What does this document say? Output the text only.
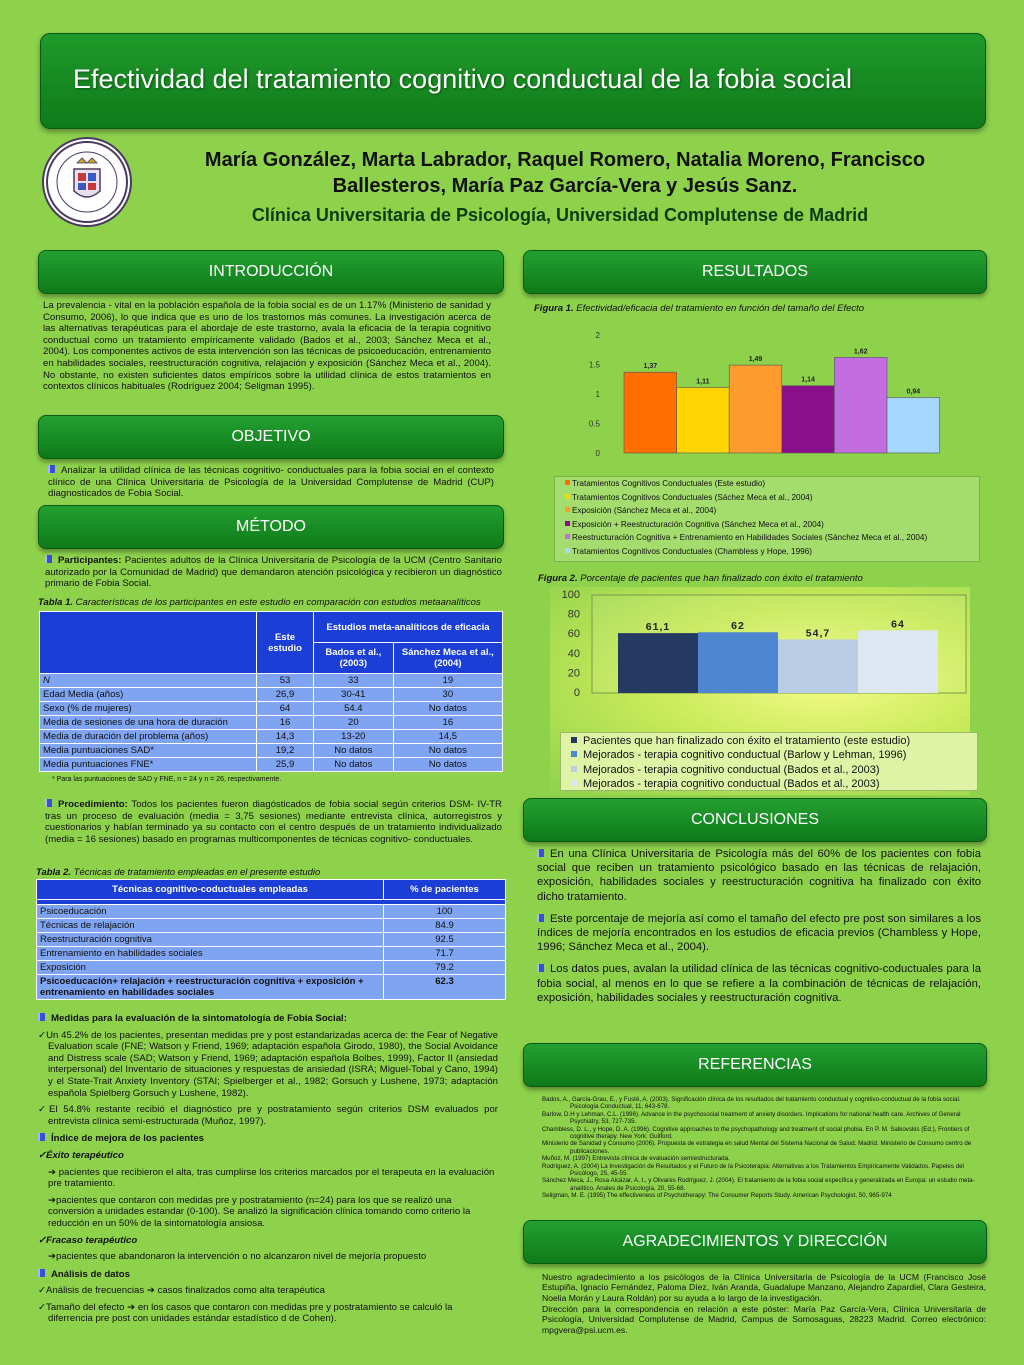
Efectividad del tratamiento cognitivo conductual de la fobia social
María González, Marta Labrador, Raquel Romero, Natalia Moreno, Francisco Ballesteros, María Paz García-Vera y Jesús Sanz.
Clínica Universitaria de Psicología, Universidad Complutense de Madrid
INTRODUCCIÓN
La prevalencia - vital en la población española de la fobia social es de un 1.17% (Ministerio de sanidad y Consumo, 2006), lo que indica que es uno de los trastornos más comunes. La investigación acerca de las alternativas terapéuticas para el abordaje de este trastorno, avala la eficacia de la terapia cognitivo conductual como un tratamiento empíricamente validado (Bados et al., 2003; Sánchez Meca et al., 2004). Los componentes activos de esta intervención son las técnicas de psicoeducación, entrenamiento en habilidades sociales, reestructuración cognitiva, relajación y exposición (Sánchez Meca et al., 2004). No obstante, no existen suficientes datos empíricos sobre la utilidad clínica de estos tratamientos en contextos clínicos habituales (Rodríguez 2004; Seligman 1995).
OBJETIVO
Analizar la utilidad clínica de las técnicas cognitivo- conductuales para la fobia social en el contexto clínico de una Clínica Universitaria de Psicología de la Universidad Complutense de Madrid (CUP) diagnosticados de Fobia Social.
MÉTODO
Participantes: Pacientes adultos de la Clínica Universitaria de Psicología de la UCM (Centro Sanitario autorizado por la Comunidad de Madrid) que demandaron atención psicológica y recibieron un diagnóstico primario de Fobia Social.
Tabla 1. Características de los participantes en este estudio en comparación con estudios metaanalíticos
	Este estudio	Estudios meta-analíticos de eficacia	
		Bados et al., (2003)	Sánchez Meca et al., (2004)
N	53	33	19
Edad Media (años)	26,9	30-41	30
Sexo (% de mujeres)	64	54.4	No datos
Media de sesiones de una hora de duración	16	20	16
Media de duración del problema (años)	14,3	13-20	14,5
Media puntuaciones SAD*	19,2	No datos	No datos
Media puntuaciones FNE*	25,9	No datos	No datos
* Para las puntuaciones de SAD y FNE, n = 24 y n = 26, respectivamente.
Procedimiento: Todos los pacientes fueron diagósticados de fobia social según criterios DSM- IV-TR tras un proceso de evaluación (media = 3,75 sesiones) mediante entrevista clínica, autorregistros y cuestionarios y habían terminado ya su contacto con el centro después de un tratamiento individualizado (media = 16 sesiones) basado en programas multicomponentes de técnicas cognitivo- conductuales.
Tabla 2. Técnicas de tratamiento empleadas en el presente estudio
Técnicas cognitivo-coductuales empleadas	% de pacientes

Psicoeducación	100
Técnicas de relajación	84.9
Reestructuración cognitiva	92.5
Entrenamiento en habilidades sociales	71.7
Exposición	79.2
Psicoeducación+ relajación + reestructuración cognitiva + exposición + entrenamiento en habilidades sociales	62.3
Medidas para la evaluación de la sintomatología de Fobia Social:
✓Un 45.2% de los pacientes, presentan medidas pre y post estandarizadas acerca de: the Fear of Negative Evaluation scale (FNE; Watson y Friend, 1969; adaptación española Girodo, 1980), the Social Avoidance and Distress scale (SAD; Watson y Friend, 1969; adaptación española Bolbes, 1999), Factor II (ansiedad interpersonal) del Inventario de situaciones y respuestas de ansiedad (ISRA; Miguel-Tobal y Cano, 1994) y el State-Trait Anxiety Inventory (STAI; Spielberger et al., 1982; Gorsuch y Lushene, 1973; adaptación española Spielberg Gorsuch y Lushene, 1982).
✓El 54.8% restante recibió el diagnóstico pre y postratamiento según criterios DSM evaluados por entrevista clínica semi-estructurada (Muñoz, 1997).
Índice de mejora de los pacientes
✓Éxito terapéutico
➔ pacientes que recibieron el alta, tras cumplirse los criterios marcados por el terapeuta en la evaluación pre tratamiento.
➔pacientes que contaron con medidas pre y postratamiento (n=24) para los que se realizó una conversión a unidades estandar (0-100). Se analizó la significación clínica tomando como criterio la reducción en un 50% de la sintomatología ansiosa.
✓Fracaso terapéutico
➔pacientes que abandonaron la intervención o no alcanzaron nivel de mejoría propuesto
Análisis de datos
✓Análisis de frecuencias ➔ casos finalizados como alta terapéutica
✓Tamaño del efecto ➔ en los casos que contaron con medidas pre y postratamiento se calculó la diferrencia pre post con unidades estándar estadístico d de Cohen).
RESULTADOS
Figura 1. Efectividad/eficacia del tratamiento en función del tamaño del Efecto
0
0.5
1
1.5
2
1,37
1,11
1,49
1,14
1,62
0,94
Tratamientos Cognitivos Conductuales (Este estudio)
Tratamientos Cognitivos Conductuales (Sáchez Meca et al., 2004)
Exposición (Sánchez Meca et al., 2004)
Exposición + Reestructuración Cognitiva (Sánchez Meca et al., 2004)
Reestructuración Cognitiva + Entrenamiento en Habilidades Sociales (Sánchez Meca et al., 2004)
Tratamientos Cognitivos Conductuales (Chambless y Hope, 1996)
Figura 2. Porcentaje de pacientes que han finalizado con éxito el tratamiento
0
20
40
60
80
100
61,1	62
54,7
64
Pacientes que han finalizado con éxito el tratamiento (este estudio)
Mejorados - terapia cognitivo conductual (Barlow y Lehman, 1996)
Mejorados - terapia cognitivo conductual (Bados et al., 2003)
Mejorados - terapia cognitivo conductual (Bados et al., 2003)
CONCLUSIONES

En una Clínica Universitaria de Psicología más del 60% de los pacientes con fobia social que reciben un tratamiento psicológico basado en las técnicas de relajación, exposición, habilidades sociales y reestructuración cognitiva ha finalizado con éxito dicho tratamiento.

Este porcentaje de mejoría así como el tamaño del efecto pre post son similares a los índices de mejoría encontrados en los estudios de eficacia previos (Chambless y Hope, 1996; Sánchez Meca et al., 2004).

Los datos pues, avalan la utilidad clínica de las técnicas cognitivo-coductuales para la fobia social, al menos en lo que se refiere a la combinación de técnicas de relajación, exposición, habilidades sociales y reestructuración cognitiva.

REFERENCIAS
Bados, A., García-Grau, E., y Fusté, A. (2003). Significación clínica de los resultados del tratamiento conductual y cognitivo-conductual de la fobia social. Psicología Conductual, 11, 643-678.
Barlow, D.H y Lehman, C.L. (1996). Advance in the psychosocial treatment of anxiety disorders. Implications for national health care. Archives of General Psychiatry, 53, 727-735.
Chambless, D. L., y Hope, D. A. (1996). Cognitive approaches to the psychopathology and treatment of social phobia. En P. M. Salkovskis (Ed.), Frontiers of cognitive therapy. New York: Guilford.
Ministerio de Sanidad y Consumo (2006). Propuesta de estrategia en salud Mental del Sistema Nacional de Salud. Madrid. Ministerio de Consumo centro de publicaciones.
Muñoz, M. (1997) Entrevista clínica de evaluación semiestructurada.
Rodríguez, A. (2004) La Investigación de Resultados y el Futuro de la Psicoterapia: Alternativas a los Tratamientos Empíricamente Validados. Papeles del Psicólogo, 25, 45-55.
Sánchez Meca, J., Rosa Alcázar, A. I., y Olivares Rodríguez, J. (2004). El tratamiento de la fobia social específica y generalizada en Europa: un estudio meta-analítico. Anales de Psicología, 20, 55-68.
Seligman, M. E. (1995) The effectiveness of Psychotherapy: The Consumer Reports Study. American Psychologist, 50, 965-974
AGRADECIMIENTOS Y DIRECCIÓN
Nuestro agradecimiento a los psicólogos de la Clínica Universitaria de Psicología de la UCM (Francisco José Estupiña, Ignacio Fernández, Paloma Díez, Iván Aranda, Guadalupe Manzano, Alejandro Zapardiel, Clara Gesteira, Noelia Morán y Laura Roldán) por su ayuda a lo largo de la investigación.
Dirección para la correspondencia en relación a este póster: María Paz García-Vera, Clínica Universitaria de Psicología, Universidad Complutense de Madrid, Campus de Somosaguas, 28223 Madrid. Correo electrónico: mpgvera@psi.ucm.es.
